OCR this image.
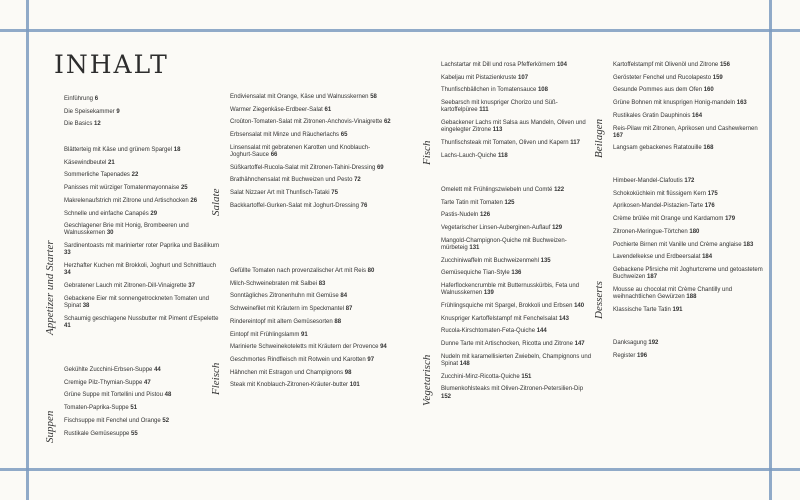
INHALT
Einführung 6
Die Speisekammer 9
Die Basics 12
Appetizer und Starter
Blätterteig mit Käse und grünem Spargel 18
Käsewindbeutel 21
Sommerliche Tapenades 22
Panisses mit würziger Tomatenmayonnaise 25
Makrelenaufstrich mit Zitrone und Artischocken 26
Schnelle und einfache Canapés 29
Geschlagener Brie mit Honig, Brombeeren und Walnusskernen 30
Sardinentoasts mit marinierter roter Paprika und Basilikum33
Herzhafter Kuchen mit Brokkoli, Joghurt und Schnittlauch34
Gebratener Lauch mit Zitronen-Dill-Vinaigrette 37
Gebackene Eier mit sonnengetrockneten Tomaten und Spinat 38
Schaumig geschlagene Nussbutter mit Piment d’Espelette41
Suppen
Gekühlte Zucchini-Erbsen-Suppe 44
Cremige Pilz-Thymian-Suppe 47
Grüne Suppe mit Tortellini und Pistou 48
Tomaten-Paprika-Suppe 51
Fischsuppe mit Fenchel und Orange 52
Rustikale Gemüsesuppe 55
Salate
Endiviensalat mit Orange, Käse und Walnusskernen 58
Warmer Ziegenkäse-Erdbeer-Salat 61
Croûton-Tomaten-Salat mit Zitronen-Anchovis-Vinaigrette 62
Erbsensalat mit Minze und Räucherlachs 65
Linsensalat mit gebratenen Karotten und Knoblauch-Joghurt-Sauce 66
Süßkartoffel-Rucola-Salat mit Zitronen-Tahini-Dressing 69
Brathähnchensalat mit Buchweizen und Pesto 72
Salat Nizzaer Art mit Thunfisch-Tataki 75
Backkartoffel-Gurken-Salat mit Joghurt-Dressing 76
Fleisch
Gefüllte Tomaten nach provenzalischer Art mit Reis 80
Milch-Schweinebraten mit Salbei 83
Sonntägliches Zitronenhuhn mit Gemüse 84
Schweinefilet mit Kräutern im Speckmantel 87
Rindereintopf mit altem Gemüsesorten 88
Eintopf mit Frühlingslamm 91
Marinierte Schweinekoteletts mit Kräutern der Provence 94
Geschmortes Rindfleisch mit Rotwein und Karotten 97
Hähnchen mit Estragon und Champignons 98
Steak mit Knoblauch-Zitronen-Kräuter-butter 101
Fisch
Lachstartar mit Dill und rosa Pfefferkörnern 104
Kabeljau mit Pistazienkruste 107
Thunfischbällchen in Tomatensauce 108
Seebarsch mit knuspriger Chorizo und Süß-kartoffelpüree 111
Gebackener Lachs mit Salsa aus Mandeln, Oliven und eingelegter Zitrone 113
Thunfischsteak mit Tomaten, Oliven und Kapern 117
Lachs-Lauch-Quiche 118
Vegetarisch
Omelett mit Frühlingszwiebeln und Comté 122
Tarte Tatin mit Tomaten 125
Pastis-Nudeln 126
Vegetarischer Linsen-Auberginen-Auflauf 129
Mangold-Champignon-Quiche mit Buchweizen-mürbeteig 131
Zucchiniwaffeln mit Buchweizenmehl 135
Gemüsequiche Tian-Style 136
Haferflockencrumble mit Butternusskürbis, Feta und Walnusskernen 139
Frühlingsquiche mit Spargel, Brokkoli und Erbsen 140
Knuspriger Kartoffelstampf mit Fenchelsalat 143
Rucola-Kirschtomaten-Feta-Quiche 144
Dunne Tarte mit Artischocken, Ricotta und Zitrone 147
Nudeln mit karamellisierten Zwiebeln, Champignons und Spinat 148
Zucchini-Minz-Ricotta-Quiche 151
Blumenkohlsteaks mit Oliven-Zitronen-Petersilien-Dip152
Beilagen
Kartoffelstampf mit Olivenöl und Zitrone 156
Gerösteter Fenchel und Rucolapesto 159
Gesunde Pommes aus dem Ofen 160
Grüne Bohnen mit knusprigen Honig-mandeln 163
Rustikales Gratin Dauphinois 164
Reis-Pilaw mit Zitronen, Aprikosen und Cashewkernen167
Langsam gebackenes Ratatouille 168
Desserts
Himbeer-Mandel-Clafoutis 172
Schokoküchlein mit flüssigem Kern 175
Aprikosen-Mandel-Pistazien-Tarte 176
Crème brûlée mit Orange und Kardamom 179
Zitronen-Meringue-Törtchen 180
Pochierte Birnen mit Vanille und Crème anglaise 183
Lavendelkekse und Erdbeersalat 184
Gebackene Pfirsiche mit Joghurtcreme und getoastetem Buchweizen 187
Mousse au chocolat mit Crème Chantilly und weihnachtlichen Gewürzen 188
Klassische Tarte Tatin 191
Danksagung 192
Register 196
